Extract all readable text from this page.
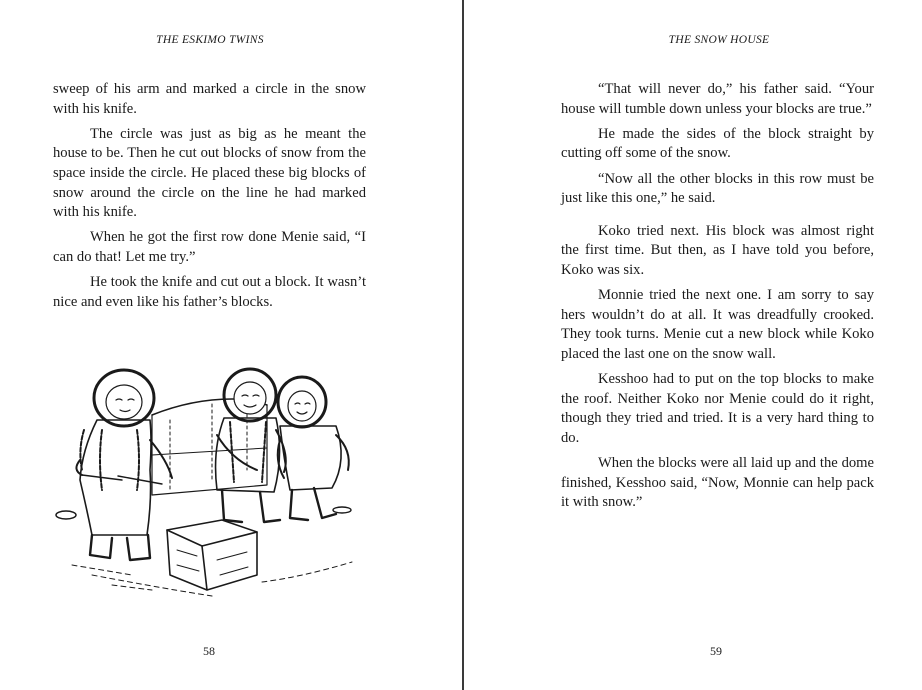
THE ESKIMO TWINS

sweep of his arm and marked a circle in the snow with his knife.

The circle was just as big as he meant the house to be. Then he cut out blocks of snow from the space inside the circle. He placed these big blocks of snow around the circle on the line he had marked with his knife.

When he got the first row done Menie said, “I can do that! Let me try.”

He took the knife and cut out a block. It wasn’t nice and even like his father’s blocks.

58
THE SNOW HOUSE

“That will never do,” his father said. “Your house will tumble down unless your blocks are true.”

He made the sides of the block straight by cutting off some of the snow.

“Now all the other blocks in this row must be just like this one,” he said.

Koko tried next. His block was almost right the first time. But then, as I have told you before, Koko was six.

Monnie tried the next one. I am sorry to say hers wouldn’t do at all. It was dreadfully crooked. They took turns. Menie cut a new block while Koko placed the last one on the snow wall.

Kesshoo had to put on the top blocks to make the roof. Neither Koko nor Menie could do it right, though they tried and tried. It is a very hard thing to do.

When the blocks were all laid up and the dome finished, Kesshoo said, “Now, Monnie can help pack it with snow.”

59
